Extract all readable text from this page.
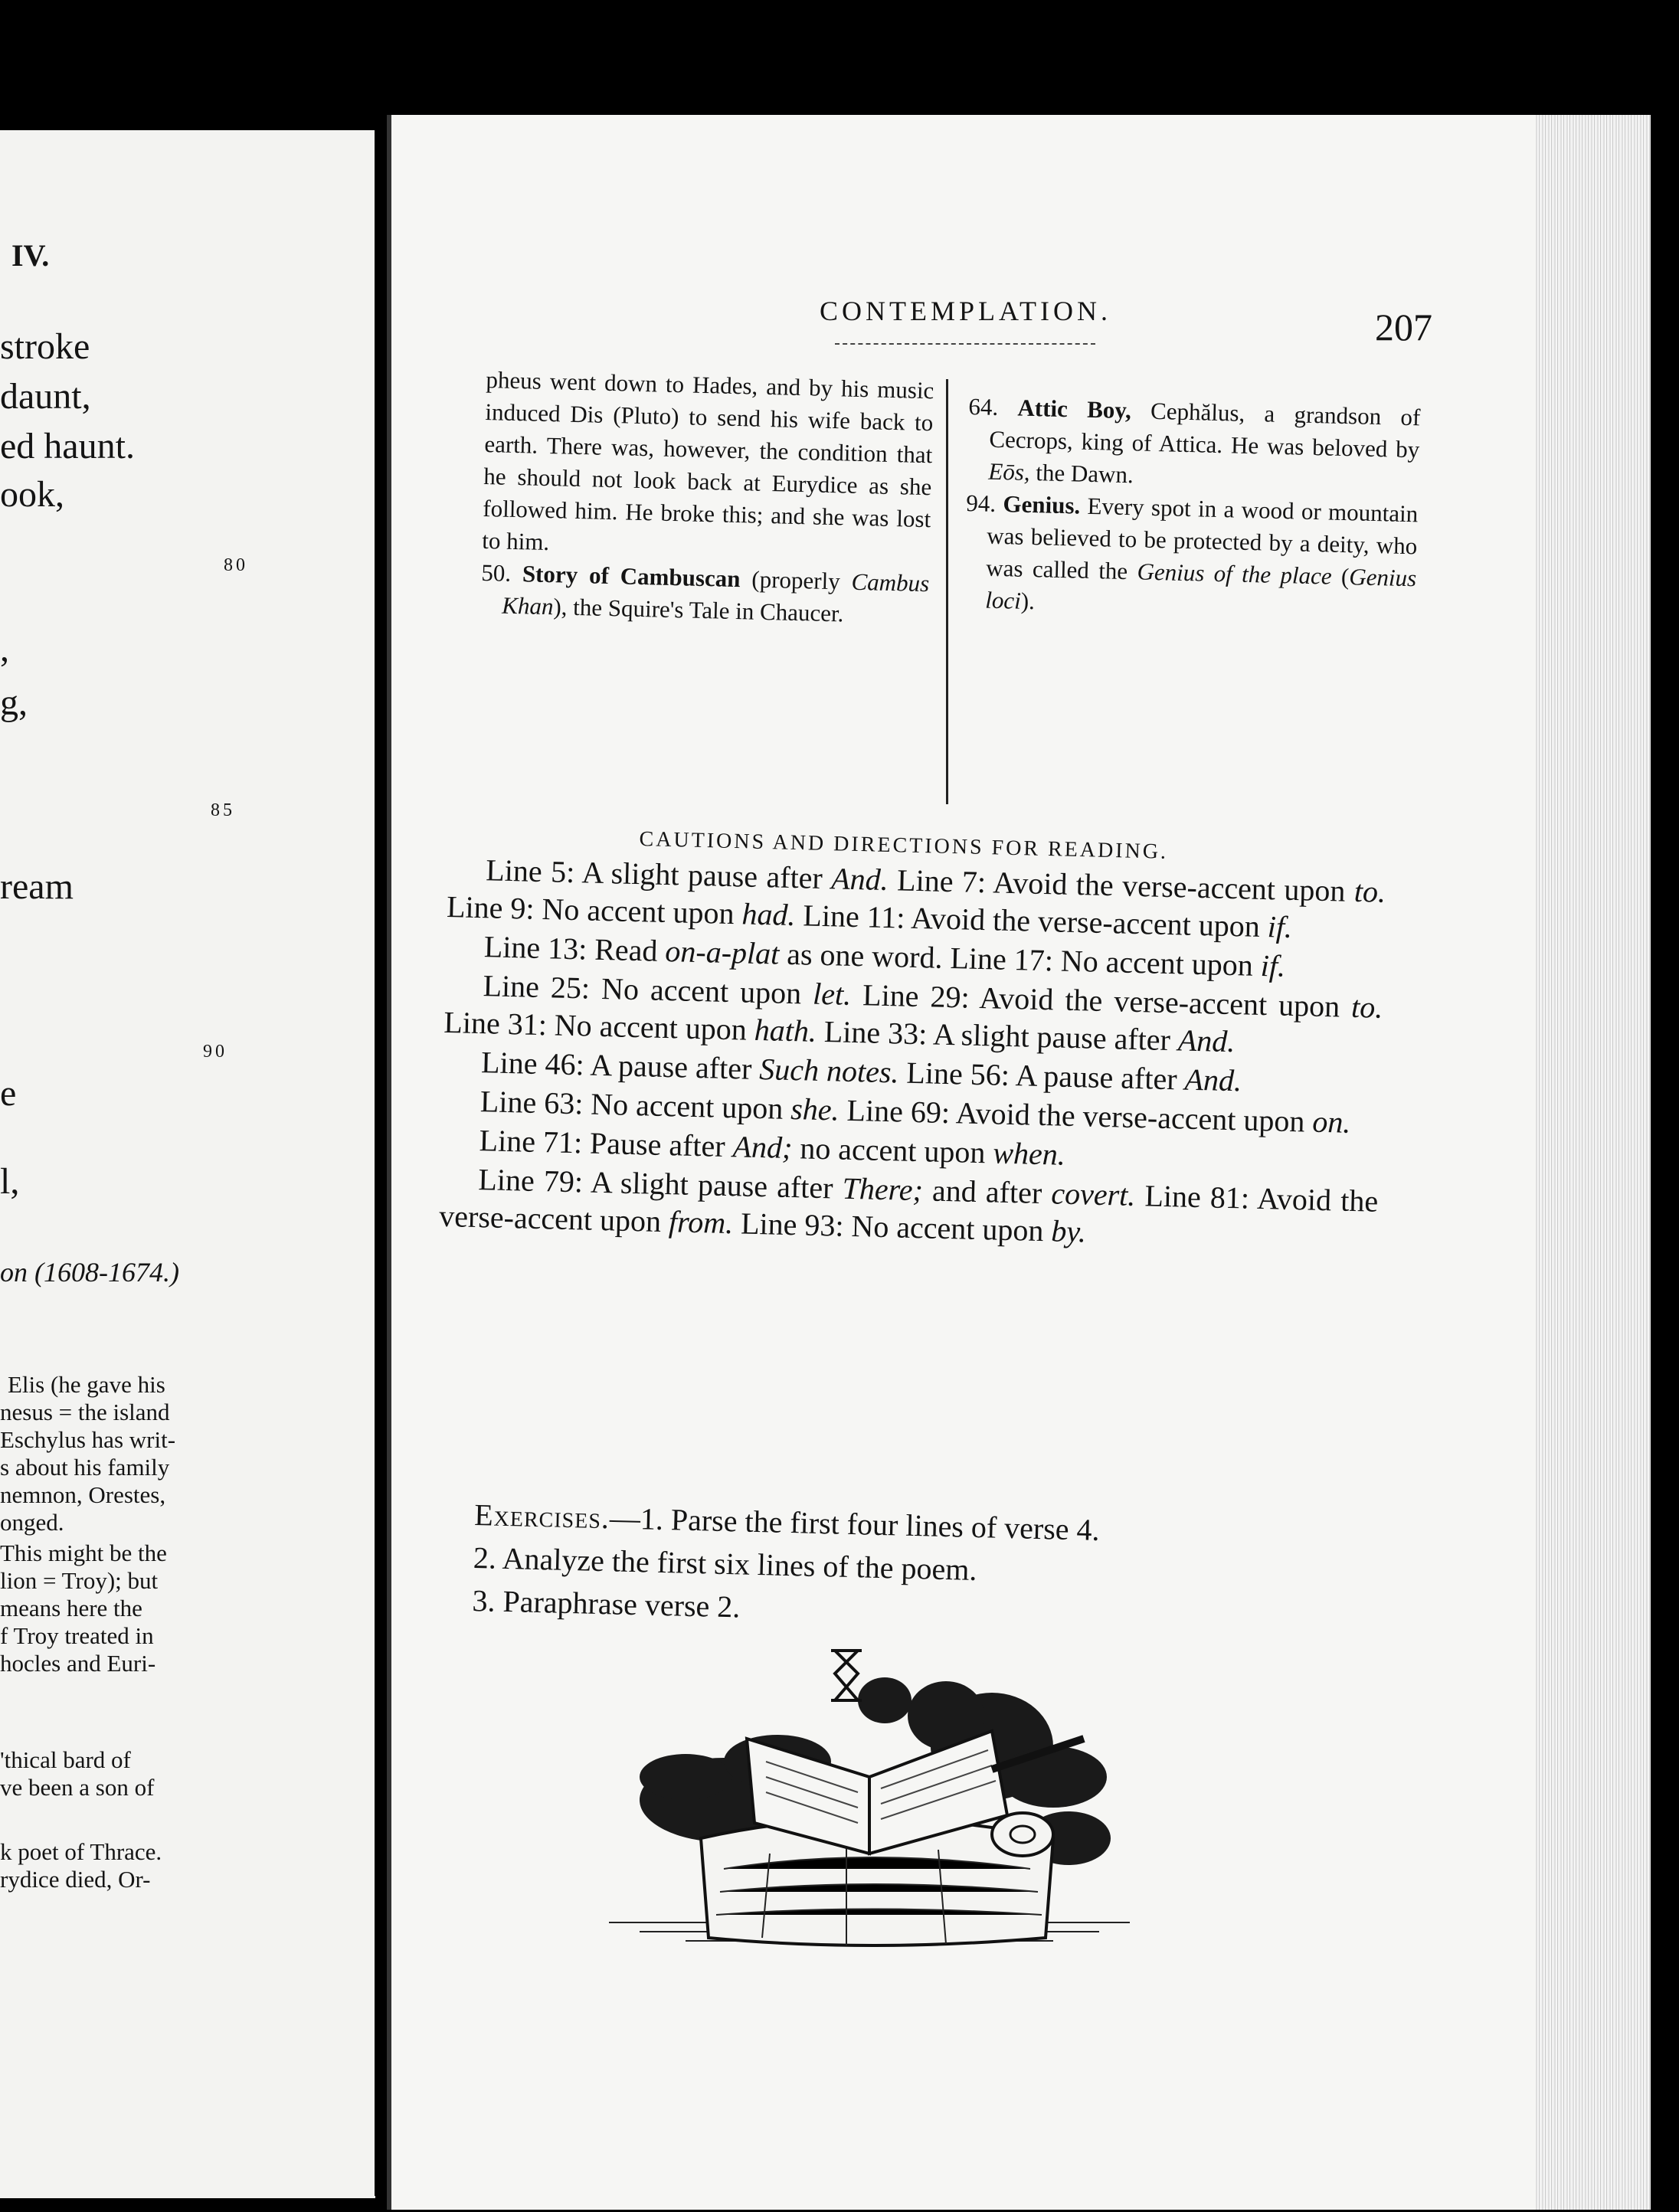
IV.
stroke
daunt,
ed haunt.
ook,
80
,
g,
85
ream
90
e
l,
on (1608-1674.)
Elis (he gave his
nesus = the island
Eschylus has writ-
s about his family
nemnon, Orestes,
onged.
This might be the
lion = Troy); but
means here the
f Troy treated in
hocles and Euri-
'thical bard of
ve been a son of
k poet of Thrace.
rydice died, Or-
CONTEMPLATION.	207

pheus went down to Hades, and by his music induced Dis (Pluto) to send his wife back to earth. There was, however, the condition that he should not look back at Eurydice as she followed him. He broke this; and she was lost to him.

50. Story of Cambuscan (properly Cambus Khan), the Squire's Tale in Chaucer.

64. Attic Boy, Cephălus, a grandson of Cecrops, king of Attica. He was beloved by Eōs, the Dawn.

94. Genius. Every spot in a wood or mountain was believed to be protected by a deity, who was called the Genius of the place (Genius loci).

CAUTIONS AND DIRECTIONS FOR READING.

Line 5: A slight pause after And. Line 7: Avoid the verse-accent upon to. Line 9: No accent upon had. Line 11: Avoid the verse-accent upon if.

Line 13: Read on-a-plat as one word. Line 17: No accent upon if.

Line 25: No accent upon let. Line 29: Avoid the verse-accent upon to. Line 31: No accent upon hath. Line 33: A slight pause after And.

Line 46: A pause after Such notes. Line 56: A pause after And.

Line 63: No accent upon she. Line 69: Avoid the verse-accent upon on.

Line 71: Pause after And; no accent upon when.

Line 79: A slight pause after There; and after covert. Line 81: Avoid the verse-accent upon from. Line 93: No accent upon by.

Exercises.—1. Parse the first four lines of verse 4.

2. Analyze the first six lines of the poem.

3. Paraphrase verse 2.
